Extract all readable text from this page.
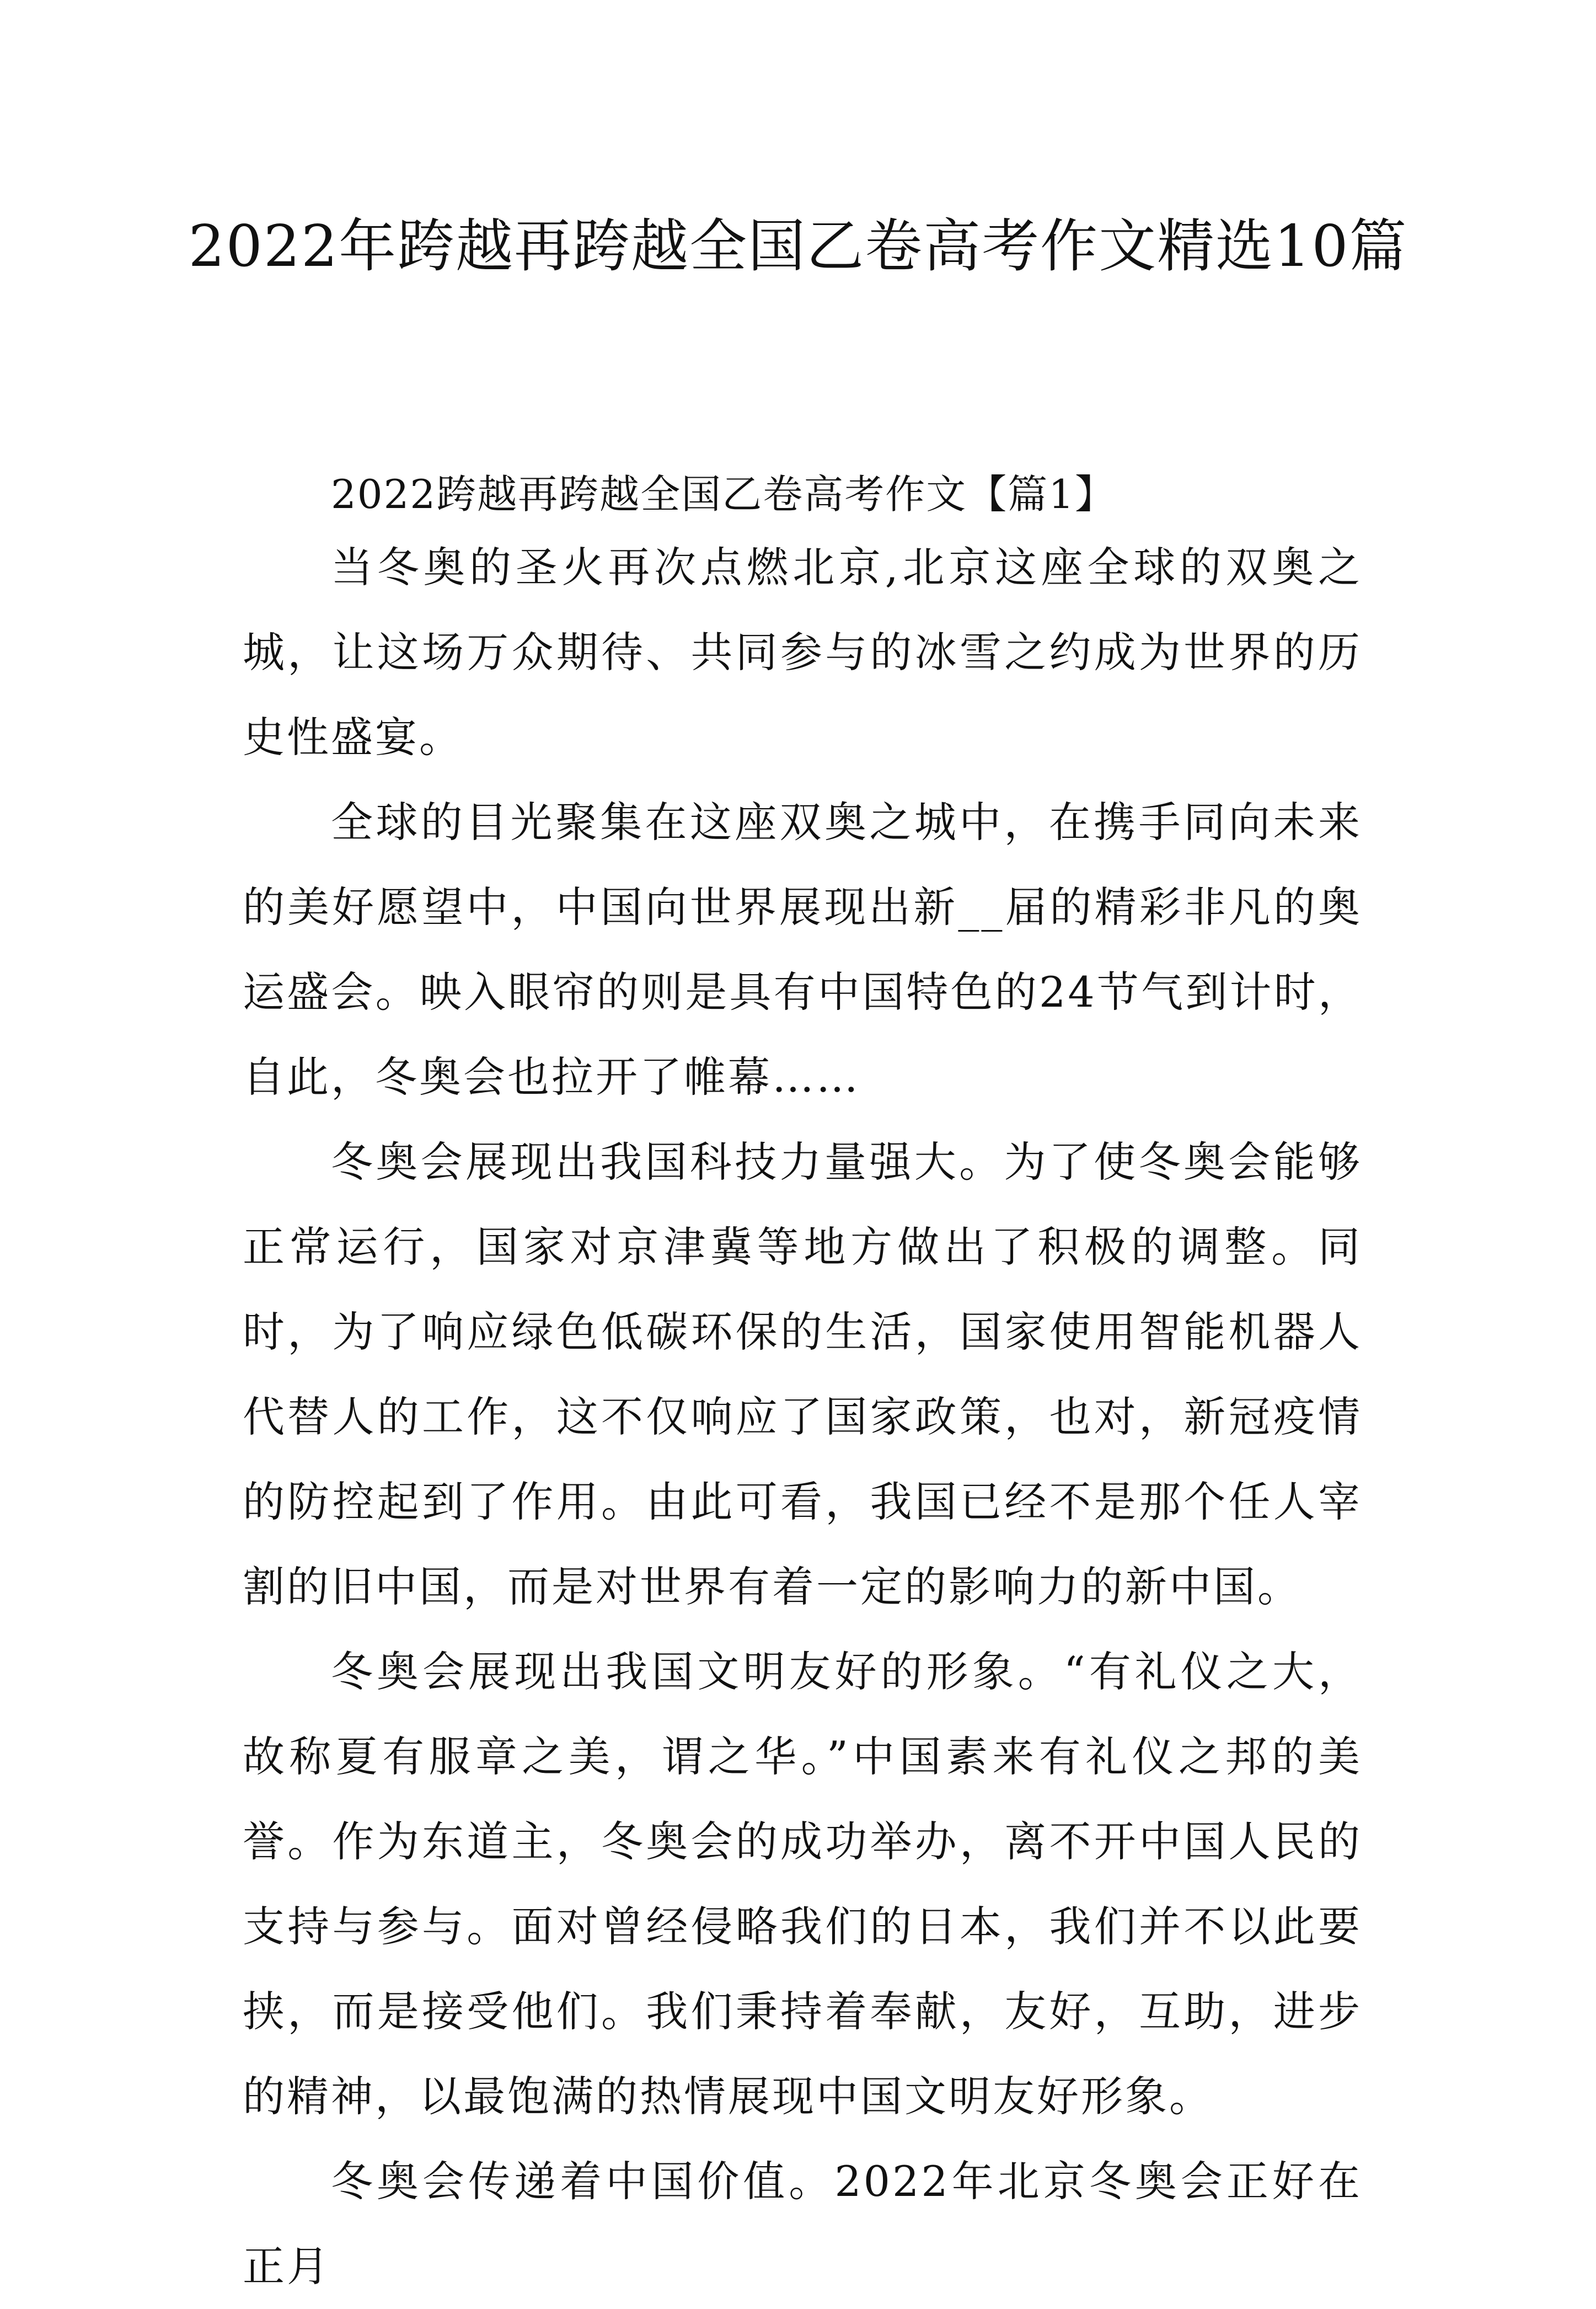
2022年跨越再跨越全国乙卷高考作文精选10篇

2022跨越再跨越全国乙卷高考作文【篇1】

当冬奥的圣火再次点燃北京,北京这座全球的双奥之城，让这场万众期待、共同参与的冰雪之约成为世界的历史性盛宴。

全球的目光聚集在这座双奥之城中，在携手同向未来的美好愿望中，中国向世界展现出新__届的精彩非凡的奥运盛会。映入眼帘的则是具有中国特色的24节气到计时，自此，冬奥会也拉开了帷幕……

冬奥会展现出我国科技力量强大。为了使冬奥会能够正常运行，国家对京津冀等地方做出了积极的调整。同时，为了响应绿色低碳环保的生活，国家使用智能机器人代替人的工作，这不仅响应了国家政策，也对，新冠疫情的防控起到了作用。由此可看，我国已经不是那个任人宰割的旧中国，而是对世界有着一定的影响力的新中国。

冬奥会展现出我国文明友好的形象。“有礼仪之大，故称夏有服章之美，谓之华。”中国素来有礼仪之邦的美誉。作为东道主，冬奥会的成功举办，离不开中国人民的支持与参与。面对曾经侵略我们的日本，我们并不以此要挟，而是接受他们。我们秉持着奉献，友好，互助，进步的精神，以最饱满的热情展现中国文明友好形象。

冬奥会传递着中国价值。2022年北京冬奥会正好在正月
